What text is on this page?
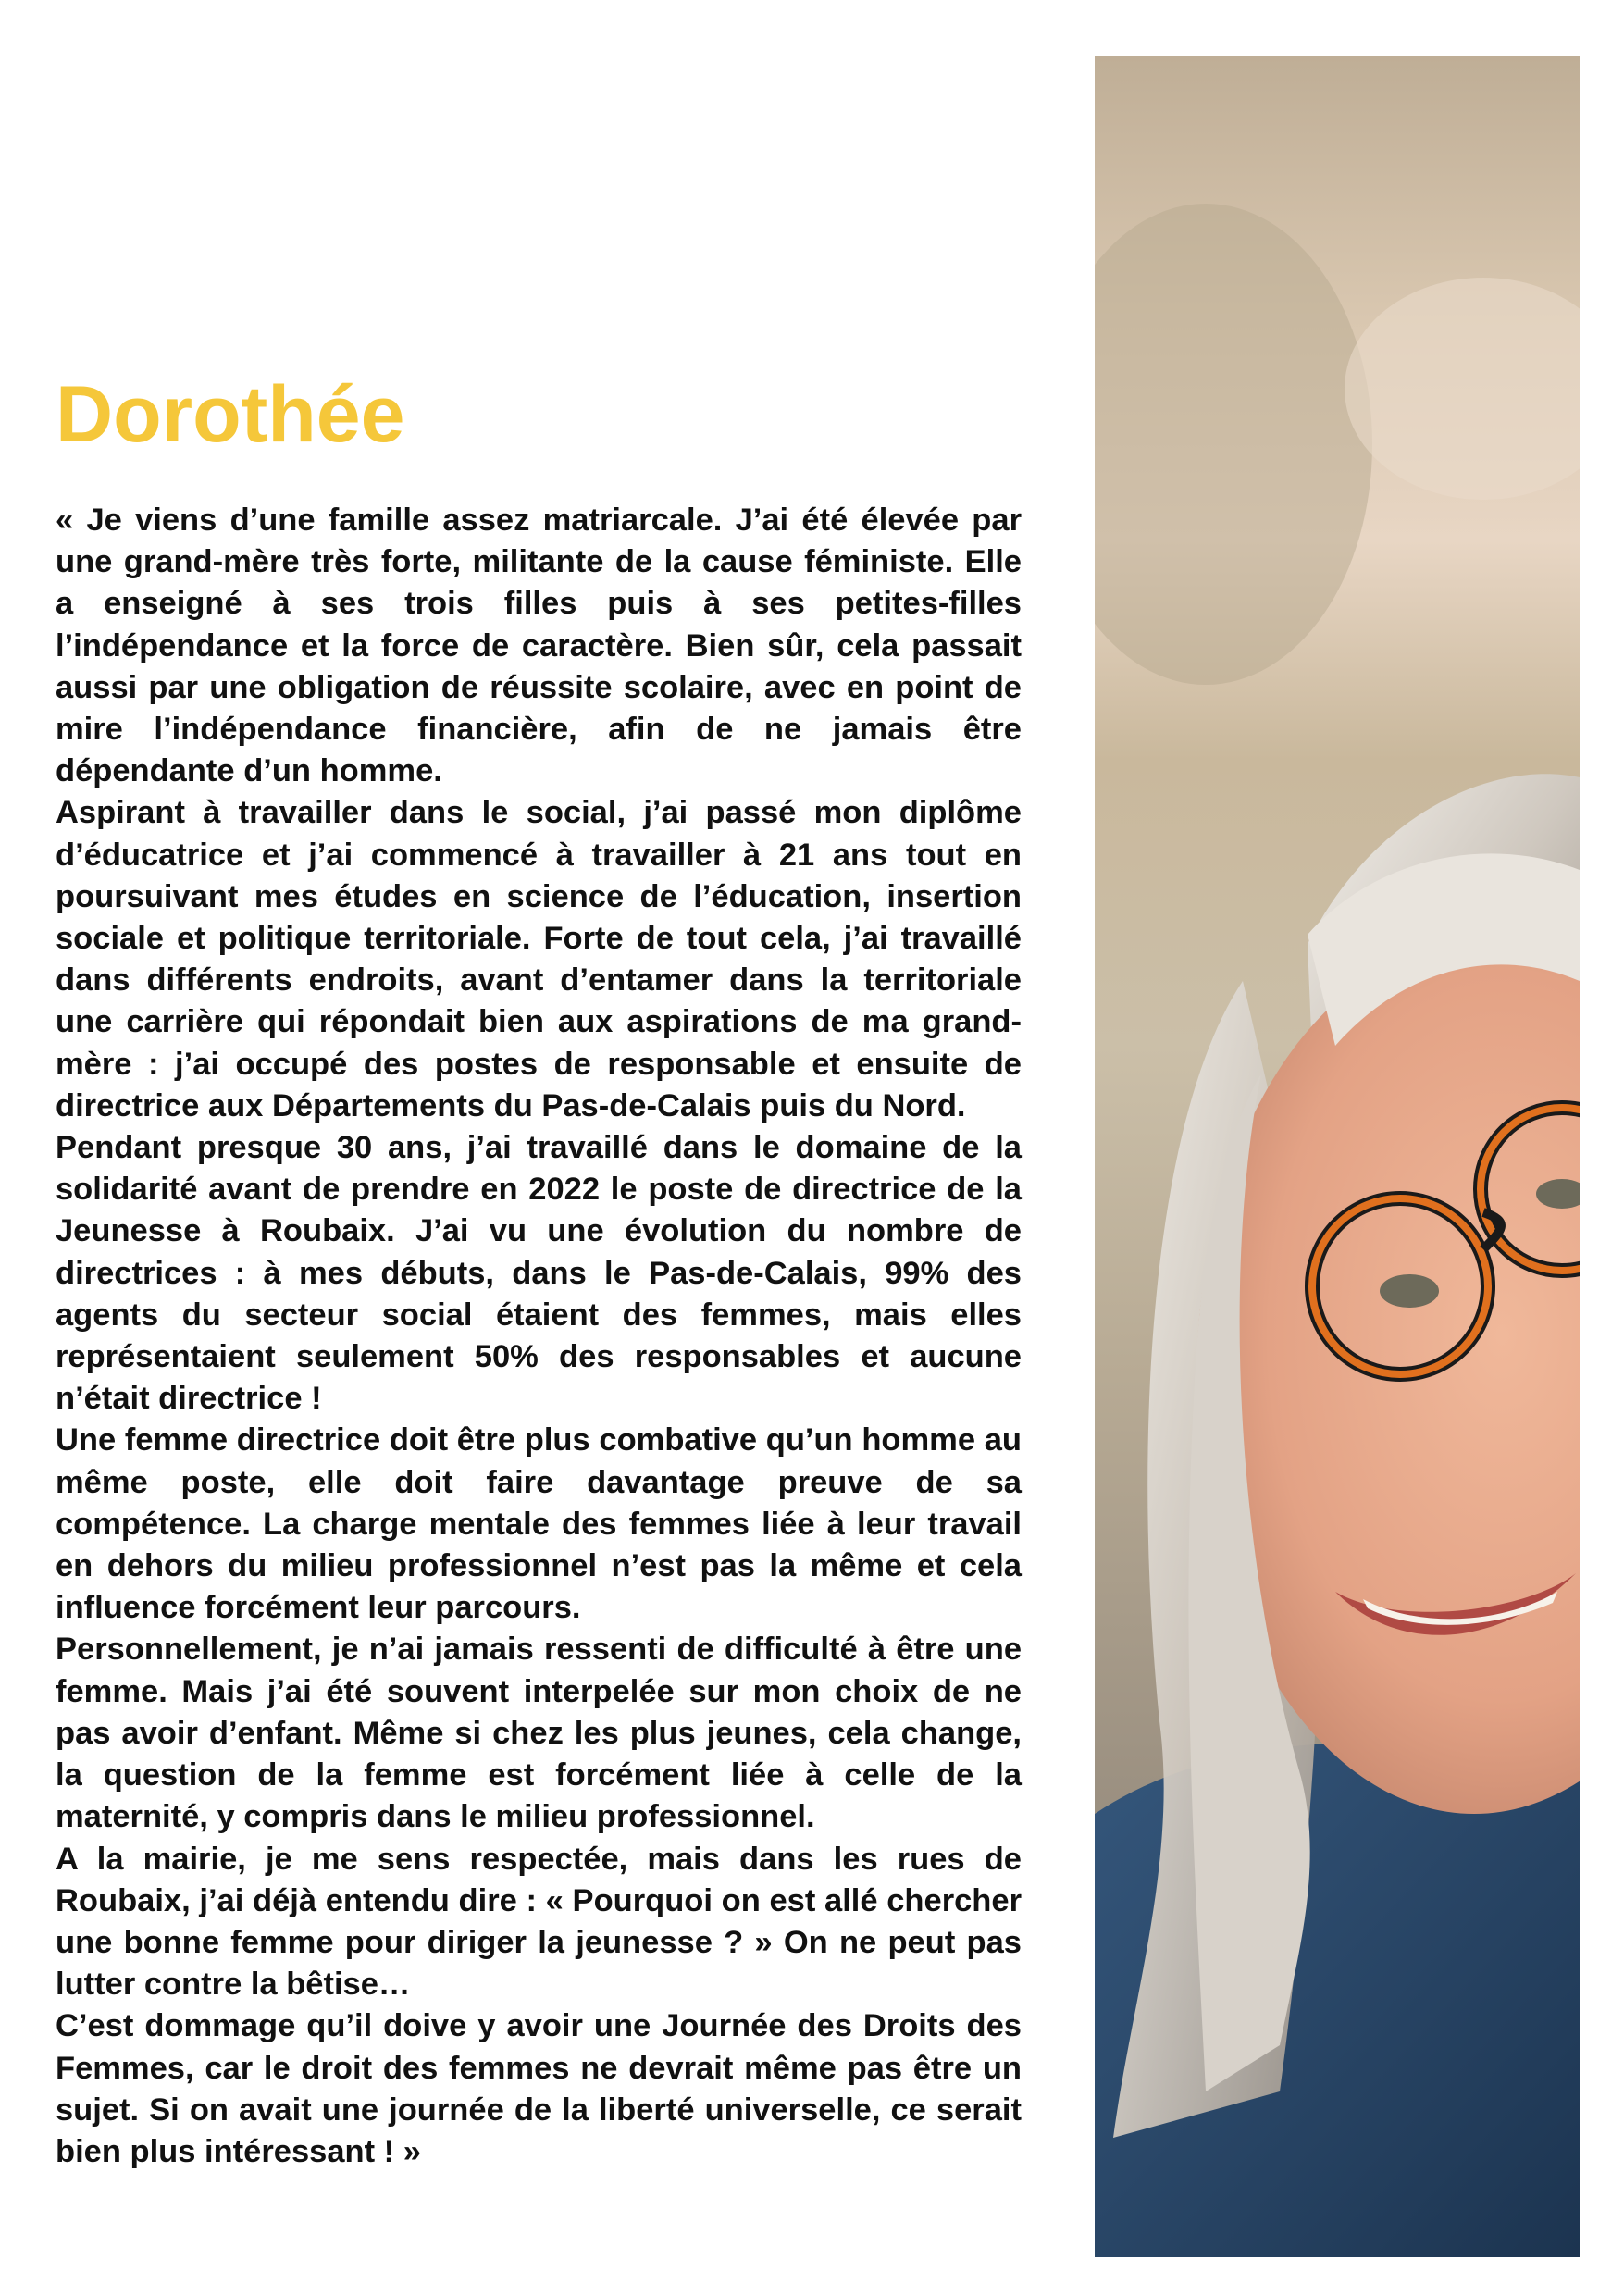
Dorothée

« Je viens d’une famille assez matriarcale. J’ai été élevée par une grand-mère très forte, militante de la cause féministe. Elle a enseigné à ses trois filles puis à ses petites-filles l’indépendance et la force de caractère. Bien sûr, cela passait aussi par une obligation de réussite scolaire, avec en point de mire l’indépendance financière, afin de ne jamais être dépendante d’un homme.

Aspirant à travailler dans le social, j’ai passé mon diplôme d’éducatrice et j’ai commencé à travailler à 21 ans tout en poursuivant mes études en science de l’éducation, insertion sociale et politique territoriale. Forte de tout cela, j’ai travaillé dans différents endroits, avant d’entamer dans la territoriale une carrière qui répondait bien aux aspirations de ma grand-mère : j’ai occupé des postes de responsable et ensuite de directrice aux Départements du Pas-de-Calais puis du Nord.

Pendant presque 30 ans, j’ai travaillé dans le domaine de la solidarité avant de prendre en 2022 le poste de directrice de la Jeunesse à Roubaix. J’ai vu une évolution du nombre de directrices : à mes débuts, dans le Pas-de-Calais, 99% des agents du secteur social étaient des femmes, mais elles représentaient seulement 50% des responsables et aucune n’était directrice !

Une femme directrice doit être plus combative qu’un homme au même poste, elle doit faire davantage preuve de sa compétence. La charge mentale des femmes liée à leur travail en dehors du milieu professionnel n’est pas la même et cela influence forcément leur parcours.

Personnellement, je n’ai jamais ressenti de difficulté à être une femme. Mais j’ai été souvent interpelée sur mon choix de ne pas avoir d’enfant. Même si chez les plus jeunes, cela change, la question de la femme est forcément liée à celle de la maternité, y compris dans le milieu professionnel.

A la mairie, je me sens respectée, mais dans les rues de Roubaix, j’ai déjà entendu dire : « Pourquoi on est allé chercher une bonne femme pour diriger la jeunesse ? » On ne peut pas lutter contre la bêtise…

C’est dommage qu’il doive y avoir une Journée des Droits des Femmes, car le droit des femmes ne devrait même pas être un sujet. Si on avait une journée de la liberté universelle, ce serait bien plus intéressant ! »
